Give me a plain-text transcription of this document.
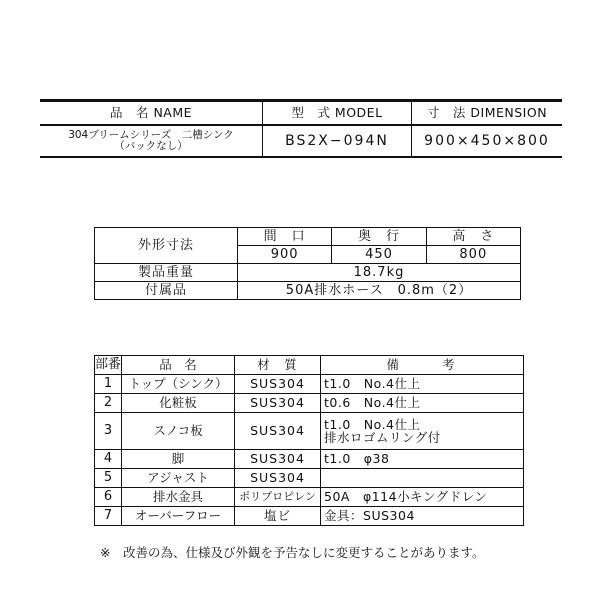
品　名 NAME	型　式 MODEL	寸　法 DIMENSION

304ブリームシリーズ　二槽シンク
（バックなし）	BS2X−094N	900×450×800
外形寸法	間　口	奥　行	高　さ
	900	450	800
製品重量	18.7kg		
付属品	50A排水ホース　0.8m（2）		
部番	品　名	材　質	備　　考
1	トップ（シンク）	SUS304	t1.0　No.4仕上
2	化粧板	SUS304	t0.6　No.4仕上
3	スノコ板	SUS304	t1.0　No.4仕上
排水ロゴムリング付

4	脚	SUS304	t1.0　φ38
5	アジャスト	SUS304	
6	排水金具	ポリプロピレン	50A　φ114小キングドレン
7	オーバーフロー	塩ビ	金具：SUS304
※　改善の為、仕様及び外観を予告なしに変更することがあります。
